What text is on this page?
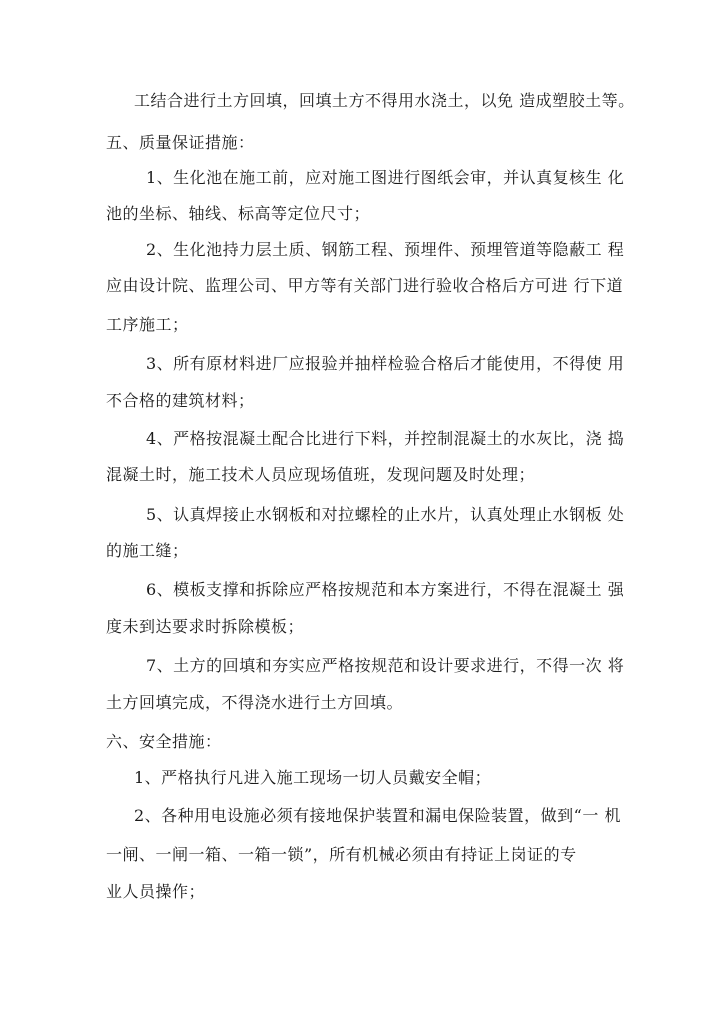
工结合进行土方回填，回填土方不得用水浇土，以免 造成塑胶土等。
五、质量保证措施：
1、生化池在施工前，应对施工图进行图纸会审，并认真复核生 化
池的坐标、轴线、标高等定位尺寸；
2、生化池持力层土质、钢筋工程、预埋件、预埋管道等隐蔽工 程
应由设计院、监理公司、甲方等有关部门进行验收合格后方可进 行下道
工序施工；
3、所有原材料进厂应报验并抽样检验合格后才能使用，不得使 用
不合格的建筑材料；
4、严格按混凝土配合比进行下料，并控制混凝土的水灰比，浇 捣
混凝土时，施工技术人员应现场值班，发现问题及时处理；
5、认真焊接止水钢板和对拉螺栓的止水片，认真处理止水钢板 处
的施工缝；
6、模板支撑和拆除应严格按规范和本方案进行，不得在混凝土 强
度未到达要求时拆除模板；
7、土方的回填和夯实应严格按规范和设计要求进行，不得一次 将
土方回填完成，不得浇水进行土方回填。
六、安全措施：
1、严格执行凡进入施工现场一切人员戴安全帽；
2、各种用电设施必须有接地保护装置和漏电保险装置，做到“一 机
一闸、一闸一箱、一箱一锁”，所有机械必须由有持证上岗证的专
业人员操作；
